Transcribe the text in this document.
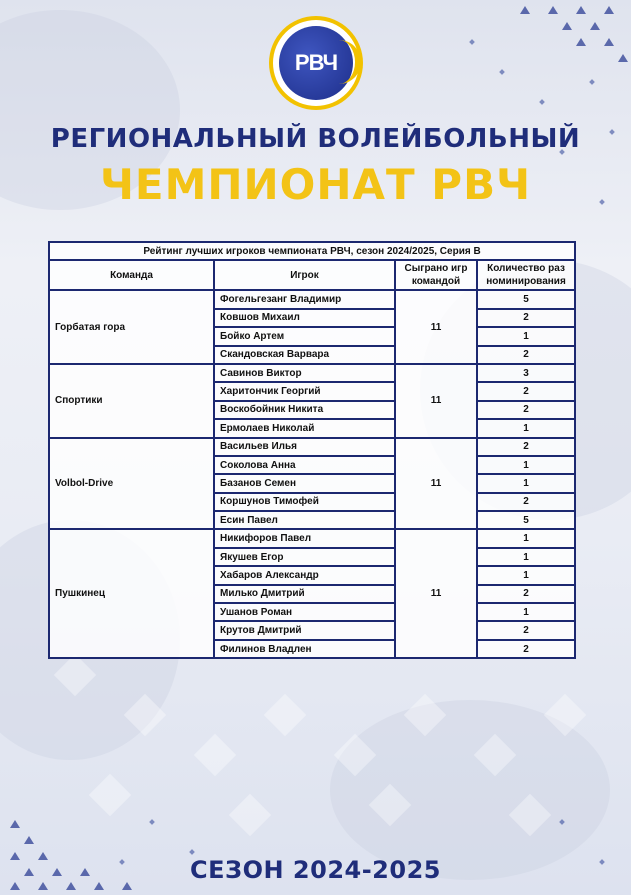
РВЧ
РЕГИОНАЛЬНЫЙ ВОЛЕЙБОЛЬНЫЙ
ЧЕМПИОНАТ РВЧ
Рейтинг лучших игроков чемпионата РВЧ, сезон 2024/2025, Серия В			
Команда	Игрок	Сыграно игр командой	Количество раз номинирования
Горбатая гора	Фогельгезанг Владимир	11	5
	Ковшов Михаил		2
	Бойко Артем		1
	Скандовская Варвара		2
Спортики	Савинов Виктор	11	3
	Харитончик Георгий		2
	Воскобойник Никита		2
	Ермолаев Николай		1
Volbol-Drive	Васильев Илья	11	2
	Соколова Анна		1
	Базанов Семен		1
	Коршунов Тимофей		2
	Есин Павел		5
Пушкинец	Никифоров Павел	11	1
	Якушев Егор		1
	Хабаров Александр		1
	Милько Дмитрий		2
	Ушанов Роман		1
	Крутов Дмитрий		2
	Филинов Владлен		2
СЕЗОН 2024-2025
